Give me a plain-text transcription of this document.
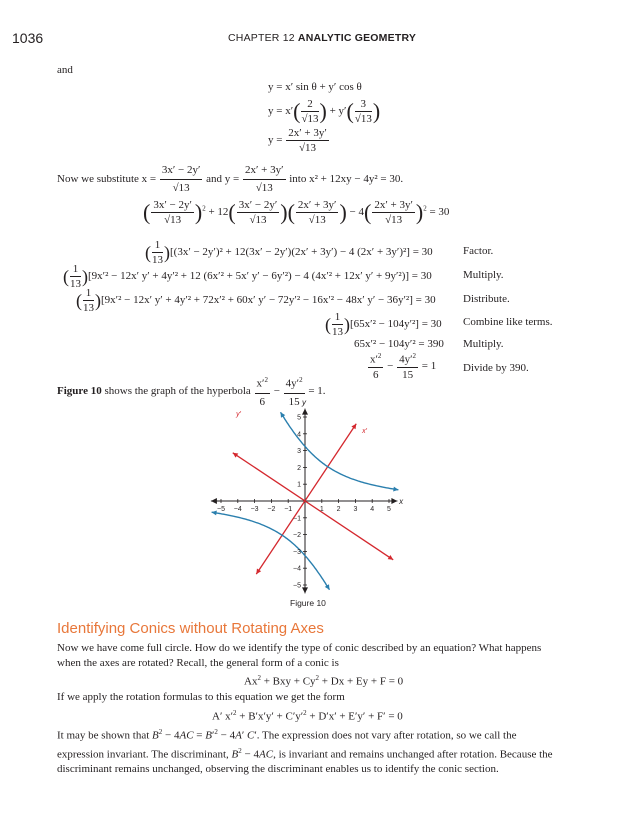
1036	CHAPTER 12 ANALYTIC GEOMETRY
and
y = x′ sin θ + y′ cos θ
$y = x'( \frac{2}{√13}$ ) + $y'( \frac{3}{√13}$ )
$y = \frac{2x' + 3y'}{√13}$
Now we substitute $x = \frac{3x' - 2y'}{√13}$ and $y = \frac{2x' + 3y'}{√13}$ into x² + 12xy − 4y² = 30.
( $\frac{3x' - 2y'}{√13} )^2 + 12( \frac{3x' - 2y'}{√13}$ )( $\frac{2x' + 3y'}{√13}$ ) − $4( \frac{2x' + 3y'}{√13} )^2 = 30$
( $\frac{1}{13} )[(3x' - 2y')^2 + 12(3x' - 2y')(2x' + 3y') - 4$ (2x′ + 3y′)²] = 30	Factor.
( $\frac{1}{13} )[9x'^2 - 12x'$ y′ + 4y′² + 12 (6x′² + 5x′ y′ − 6y′²) − 4 (4x′² + 12x′ y′ + 9y′²)] = 30	Multiply.
( $\frac{1}{13} )[9x'^2 - 12x'$ y′ + 4y′² + 72x′² + 60x′ y′ − 72y′² − 16x′² − 48x′ y′ − 36y′²] = 30 Distribute.
( $\frac{1}{13} )[65x'^2 - 104y'^2] = 30$ Combine like terms.
65x′² − 104y′² = 390 Multiply.
$\frac{x'^2}{6} - \frac{4y'^2}{15} = 1$ Divide by 390.
Figure 10 shows the graph of the hyperbola $\frac{x'^2}{6} - \frac{4y'^2}{15} = 1$.
−5 −4 −3 −2 −1	1 2 3 4 5
5
4
3
2
1
−1
−2
−3
−4
−5
x
y
x′
y′
Figure 10
Identifying Conics without Rotating Axes
Now we have come full circle. How do we identify the type of conic described by an equation? What happens when the axes are rotated? Recall, the general form of a conic is
$Ax^2$ + Bxy + $Cy^2 + Dx + Ey + F = 0$
If we apply the rotation formulas to this equation we get the form
A′ $x'^2 + B'x'y' + C'y'^2 + D'x' + E'y' + F' = 0$
It may be shown that $B^2 - 4AC = B'^2 - 4A'$ C′. The expression does not vary after rotation, so we call the expression invariant. The discriminant, $B^2 - 4AC$, is invariant and remains unchanged after rotation. Because the discriminant remains unchanged, observing the discriminant enables us to identify the conic section.
